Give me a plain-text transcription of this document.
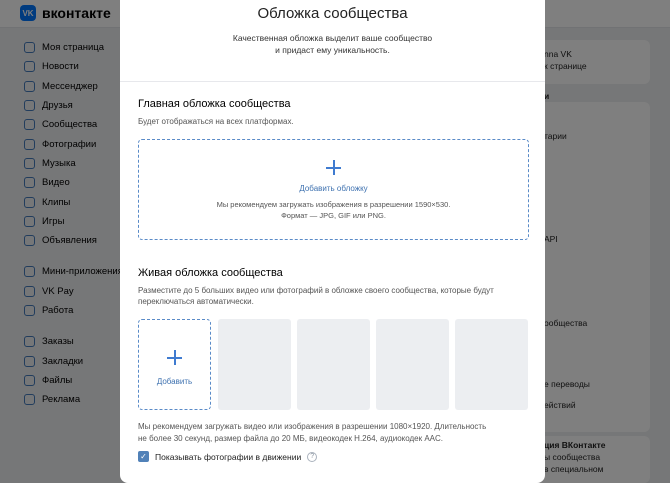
Обложка сообщества
Качественная обложка выделит ваше сообщество
и придаст ему уникальность.
Главная обложка сообщества
Будет отображаться на всех платформах.
Добавить обложку
Мы рекомендуем загружать изображения в разрешении 1590×530.
Формат — JPG, GIF или PNG.
Живая обложка сообщества
Разместите до 5 больших видео или фотографий в обложке своего сообщества, которые будут
переключаться автоматически.
Добавить
Мы рекомендуем загружать видео или изображения в разрешении 1080×1920. Длительность
не более 30 секунд, размер файла до 20 МБ, видеокодек H.264, аудиокодек AAC.
✓ Показывать фотографии в движении	?
